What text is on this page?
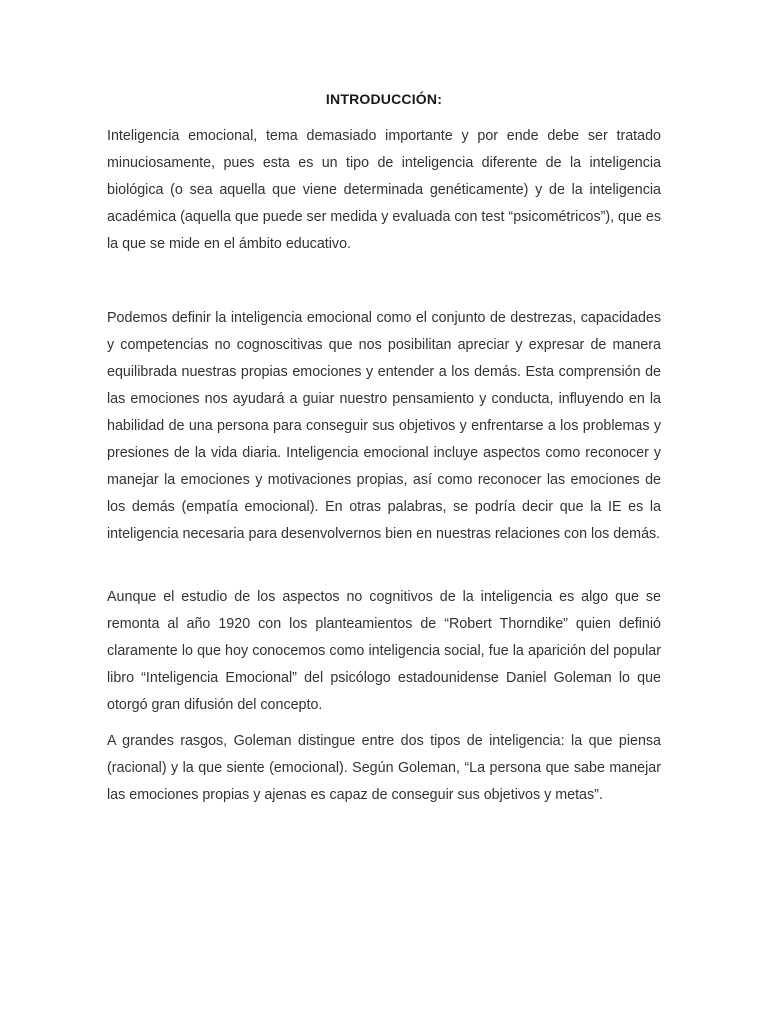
INTRODUCCIÓN:

Inteligencia emocional, tema demasiado importante y por ende debe ser tratado minuciosamente, pues esta es un tipo de inteligencia diferente de la inteligencia biológica (o sea aquella que viene determinada genéticamente) y de la inteligencia académica (aquella que puede ser medida y evaluada con test “psicométricos”), que es la que se mide en el ámbito educativo.

Podemos definir la inteligencia emocional como el conjunto de destrezas, capacidades y competencias no cognoscitivas que nos posibilitan apreciar y expresar de manera equilibrada nuestras propias emociones y entender a los demás. Esta comprensión de las emociones nos ayudará a guiar nuestro pensamiento y conducta, influyendo en la habilidad de una persona para conseguir sus objetivos y enfrentarse a los problemas y presiones de la vida diaria. Inteligencia emocional incluye aspectos como reconocer y manejar la emociones y motivaciones propias, así como reconocer las emociones de los demás (empatía emocional). En otras palabras, se podría decir que la IE es la inteligencia necesaria para desenvolvernos bien en nuestras relaciones con los demás.

Aunque el estudio de los aspectos no cognitivos de la inteligencia es algo que se remonta al año 1920 con los planteamientos de “Robert Thorndike” quien definió claramente lo que hoy conocemos como inteligencia social, fue la aparición del popular libro “Inteligencia Emocional” del psicólogo estadounidense Daniel Goleman lo que otorgó gran difusión del concepto.

A grandes rasgos, Goleman distingue entre dos tipos de inteligencia: la que piensa (racional) y la que siente (emocional). Según Goleman, “La persona que sabe manejar las emociones propias y ajenas es capaz de conseguir sus objetivos y metas”.
